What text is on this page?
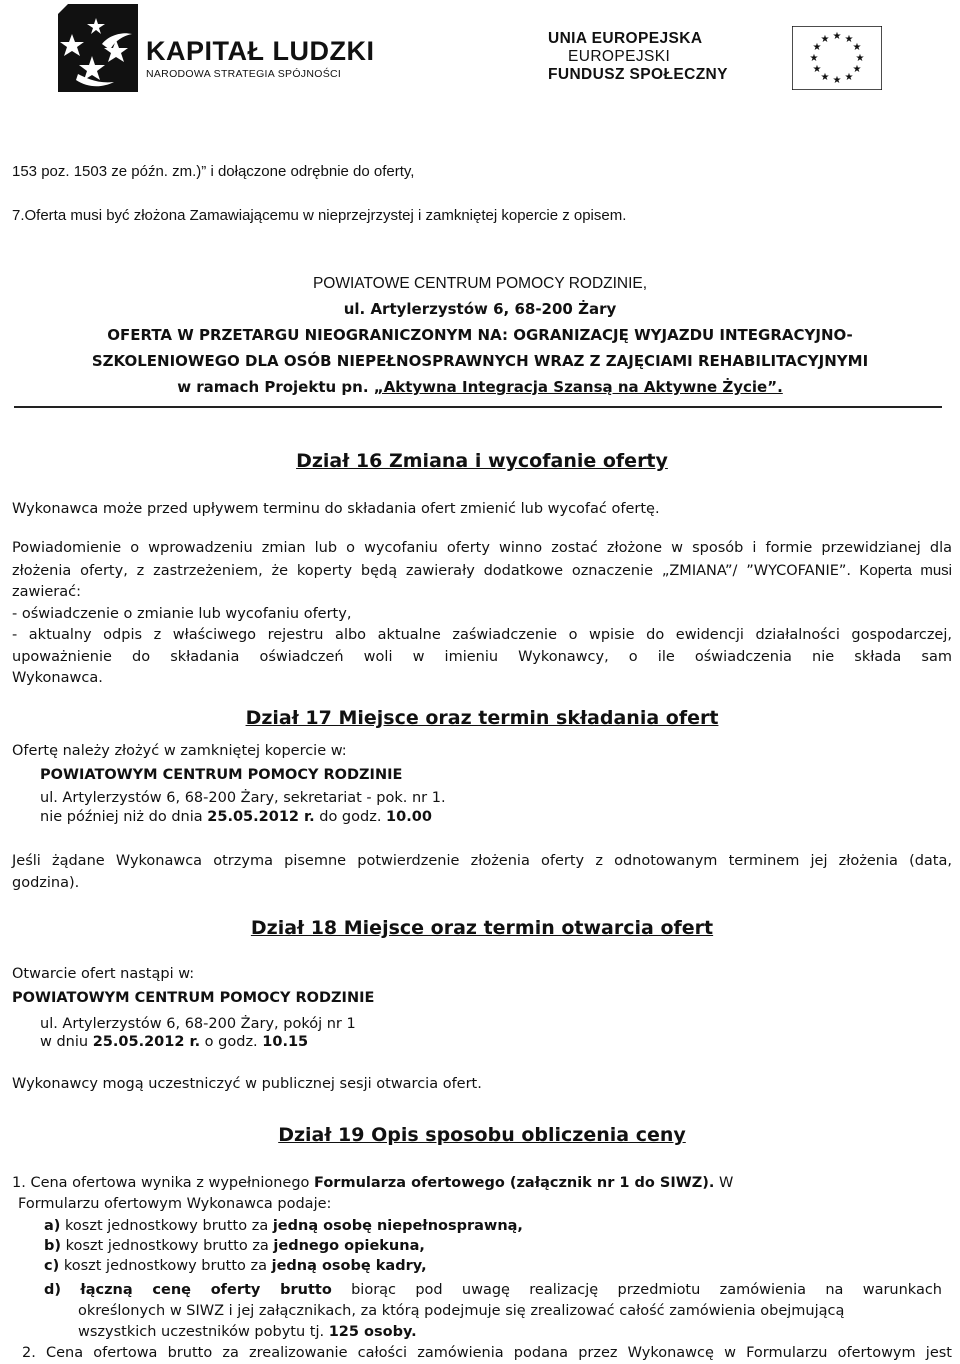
KAPITAŁ LUDZKI
NARODOWA STRATEGIA SPÓJNOŚCI
UNIA EUROPEJSKA
EUROPEJSKI
FUNDUSZ SPOŁECZNY
★ ★
★
★
★
★
★
★
★
★
★
★
153 poz. 1503 ze późn. zm.)” i dołączone odrębnie do oferty,
7.Oferta musi być złożona Zamawiającemu w nieprzejrzystej i zamkniętej kopercie z opisem.
POWIATOWE CENTRUM POMOCY RODZINIE,
ul. Artylerzystów 6, 68-200 Żary
OFERTA W PRZETARGU NIEOGRANICZONYM NA: OGRANIZACJĘ WYJAZDU INTEGRACYJNO-
SZKOLENIOWEGO DLA OSÓB NIEPEŁNOSPRAWNYCH WRAZ Z ZAJĘCIAMI REHABILITACYJNYMI
w ramach Projektu pn. „Aktywna Integracja Szansą na Aktywne Życie”.
Dział 16 Zmiana i wycofanie oferty
Wykonawca może przed upływem terminu do składania ofert zmienić lub wycofać ofertę.
Powiadomienie o wprowadzeniu zmian lub o wycofaniu oferty winno zostać złożone w sposób i formie przewidzianej dla
złożenia oferty, z zastrzeżeniem, że koperty będą zawierały dodatkowe oznaczenie „ZMIANA”/ ”WYCOFANIE”. Koperta musi
zawierać:
- oświadczenie o zmianie lub wycofaniu oferty,
- aktualny odpis z właściwego rejestru albo aktualne zaświadczenie o wpisie do ewidencji działalności gospodarczej,
upoważnienie do składania oświadczeń woli w imieniu Wykonawcy, o ile oświadczenia nie składa sam
Wykonawca.
Dział 17 Miejsce oraz termin składania ofert
Ofertę należy złożyć w zamkniętej kopercie w:
POWIATOWYM CENTRUM POMOCY RODZINIE
ul. Artylerzystów 6, 68-200 Żary, sekretariat - pok. nr 1.
nie później niż do dnia 25.05.2012 r. do godz. 10.00
Jeśli żądane Wykonawca otrzyma pisemne potwierdzenie złożenia oferty z odnotowanym terminem jej złożenia (data,
godzina).
Dział 18 Miejsce oraz termin otwarcia ofert
Otwarcie ofert nastąpi w:
POWIATOWYM CENTRUM POMOCY RODZINIE
ul. Artylerzystów 6, 68-200 Żary, pokój nr 1
w dniu 25.05.2012 r. o godz. 10.15
Wykonawcy mogą uczestniczyć w publicznej sesji otwarcia ofert.
Dział 19 Opis sposobu obliczenia ceny
1. Cena ofertowa wynika z wypełnionego Formularza ofertowego (załącznik nr 1 do SIWZ). W
Formularzu ofertowym Wykonawca podaje:
a) koszt jednostkowy brutto za jedną osobę niepełnosprawną,
b) koszt jednostkowy brutto za jednego opiekuna,
c) koszt jednostkowy brutto za jedną osobę kadry,
d) łączną cenę oferty brutto biorąc pod uwagę realizację przedmiotu zamówienia na warunkach
określonych w SIWZ i jej załącznikach, za którą podejmuje się zrealizować całość zamówienia obejmującą
wszystkich uczestników pobytu tj. 125 osoby.
2. Cena ofertowa brutto za zrealizowanie całości zamówienia podana przez Wykonawcę w Formularzu ofertowym jest
